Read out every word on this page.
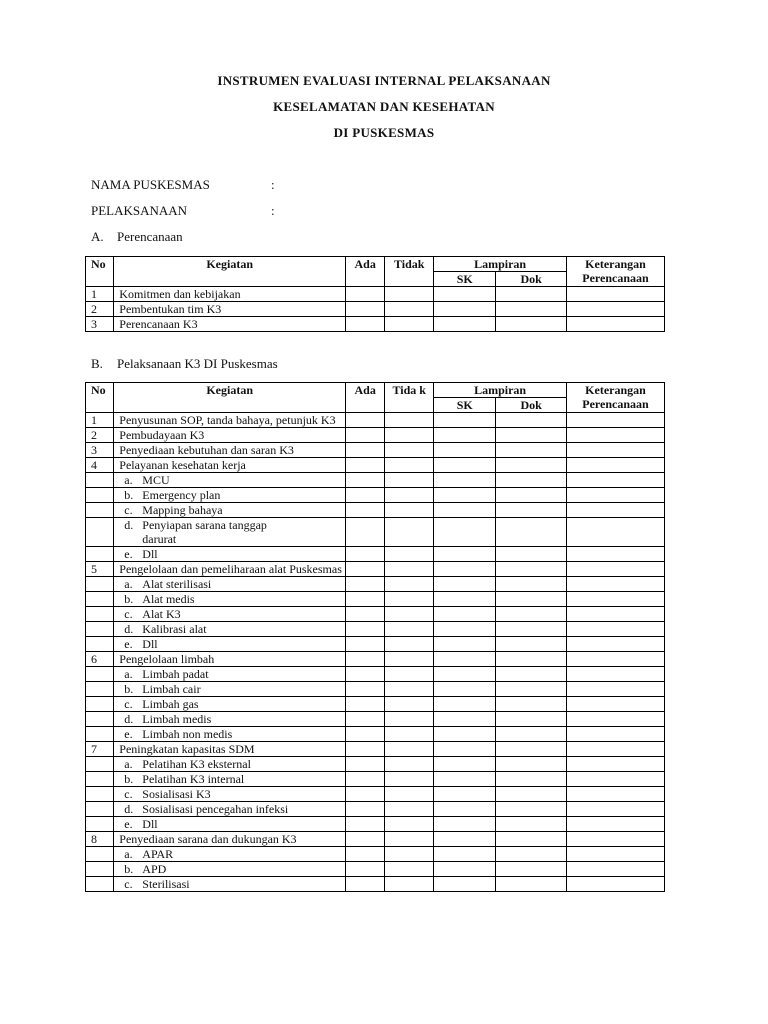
INSTRUMEN EVALUASI INTERNAL PELAKSANAAN
KESELAMATAN DAN KESEHATAN
DI PUSKESMAS
NAMA PUSKESMAS	:
PELAKSANAAN	:
A. Perencanaan
No	Kegiatan	Ada	Tidak	Lampiran		Keterangan Perencanaan
				SK	Dok	
1	Komitmen dan kebijakan					
2	Pembentukan tim K3					
3	Perencanaan K3					
B. Pelaksanaan K3 DI Puskesmas
No	Kegiatan	Ada	Tida k	Lampiran		Keterangan Perencanaan
				SK	Dok	
1	Penyusunan SOP, tanda bahaya, petunjuk K3					
2	Pembudayaan K3					
3	Penyediaan kebutuhan dan saran K3					
4	Pelayanan kesehatan kerja					
	a. MCU					
	b. Emergency plan					
	c. Mapping bahaya					
	d. Penyiapan sarana tanggap
darurat					

	e. Dll					
5	Pengelolaan dan pemeliharaan alat Puskesmas					
	a. Alat sterilisasi					
	b. Alat medis					
	c. Alat K3					
	d. Kalibrasi alat					
	e. Dll					
6	Pengelolaan limbah					
	a. Limbah padat					
	b. Limbah cair					
	c. Limbah gas					
	d. Limbah medis					
	e. Limbah non medis					
7	Peningkatan kapasitas SDM					
	a. Pelatihan K3 eksternal					
	b. Pelatihan K3 internal					
	c. Sosialisasi K3					
	d. Sosialisasi pencegahan infeksi					
	e. Dll					
8	Penyediaan sarana dan dukungan K3					
	a. APAR					
	b. APD					
	c. Sterilisasi					
